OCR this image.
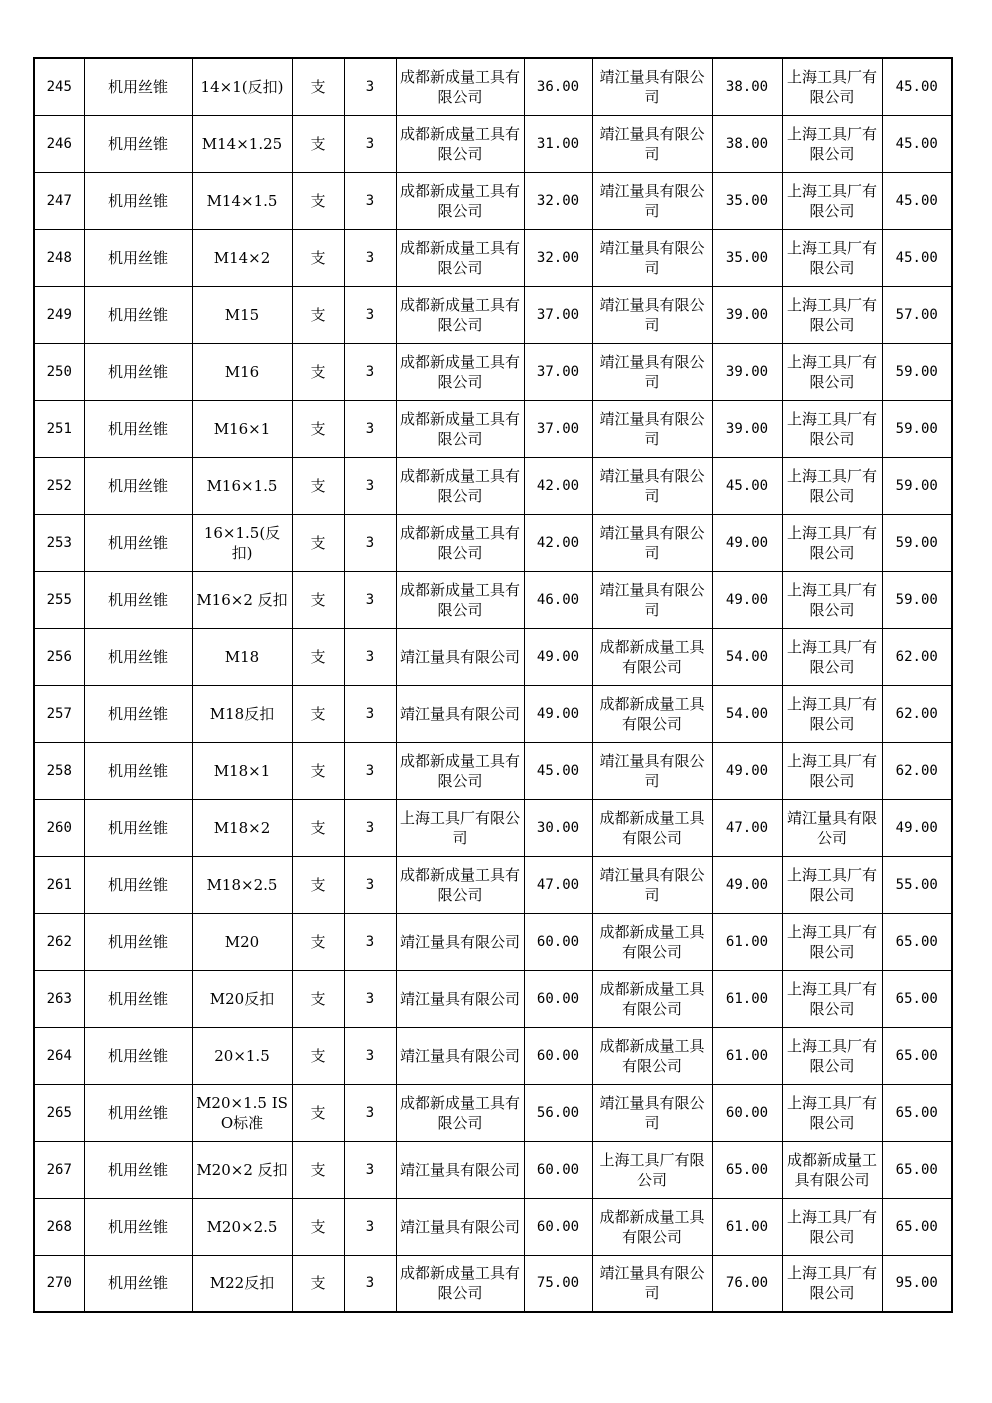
245	机用丝锥	14×1(反扣)	支	3	成都新成量工具有限公司	36.00	靖江量具有限公司	38.00	上海工具厂有限公司	45.00
246	机用丝锥	M14×1.25	支	3	成都新成量工具有限公司	31.00	靖江量具有限公司	38.00	上海工具厂有限公司	45.00
247	机用丝锥	M14×1.5	支	3	成都新成量工具有限公司	32.00	靖江量具有限公司	35.00	上海工具厂有限公司	45.00
248	机用丝锥	M14×2	支	3	成都新成量工具有限公司	32.00	靖江量具有限公司	35.00	上海工具厂有限公司	45.00
249	机用丝锥	M15	支	3	成都新成量工具有限公司	37.00	靖江量具有限公司	39.00	上海工具厂有限公司	57.00
250	机用丝锥	M16	支	3	成都新成量工具有限公司	37.00	靖江量具有限公司	39.00	上海工具厂有限公司	59.00
251	机用丝锥	M16×1	支	3	成都新成量工具有限公司	37.00	靖江量具有限公司	39.00	上海工具厂有限公司	59.00
252	机用丝锥	M16×1.5	支	3	成都新成量工具有限公司	42.00	靖江量具有限公司	45.00	上海工具厂有限公司	59.00
253	机用丝锥	16×1.5(反扣)	支	3	成都新成量工具有限公司	42.00	靖江量具有限公司	49.00	上海工具厂有限公司	59.00
255	机用丝锥	M16×2 反扣	支	3	成都新成量工具有限公司	46.00	靖江量具有限公司	49.00	上海工具厂有限公司	59.00
256	机用丝锥	M18	支	3	靖江量具有限公司	49.00	成都新成量工具有限公司	54.00	上海工具厂有限公司	62.00
257	机用丝锥	M18反扣	支	3	靖江量具有限公司	49.00	成都新成量工具有限公司	54.00	上海工具厂有限公司	62.00
258	机用丝锥	M18×1	支	3	成都新成量工具有限公司	45.00	靖江量具有限公司	49.00	上海工具厂有限公司	62.00
260	机用丝锥	M18×2	支	3	上海工具厂有限公司	30.00	成都新成量工具有限公司	47.00	靖江量具有限公司	49.00
261	机用丝锥	M18×2.5	支	3	成都新成量工具有限公司	47.00	靖江量具有限公司	49.00	上海工具厂有限公司	55.00
262	机用丝锥	M20	支	3	靖江量具有限公司	60.00	成都新成量工具有限公司	61.00	上海工具厂有限公司	65.00
263	机用丝锥	M20反扣	支	3	靖江量具有限公司	60.00	成都新成量工具有限公司	61.00	上海工具厂有限公司	65.00
264	机用丝锥	20×1.5	支	3	靖江量具有限公司	60.00	成都新成量工具有限公司	61.00	上海工具厂有限公司	65.00
265	机用丝锥	M20×1.5 ISO标准	支	3	成都新成量工具有限公司	56.00	靖江量具有限公司	60.00	上海工具厂有限公司	65.00
267	机用丝锥	M20×2 反扣	支	3	靖江量具有限公司	60.00	上海工具厂有限公司	65.00	成都新成量工具有限公司	65.00
268	机用丝锥	M20×2.5	支	3	靖江量具有限公司	60.00	成都新成量工具有限公司	61.00	上海工具厂有限公司	65.00
270	机用丝锥	M22反扣	支	3	成都新成量工具有限公司	75.00	靖江量具有限公司	76.00	上海工具厂有限公司	95.00
